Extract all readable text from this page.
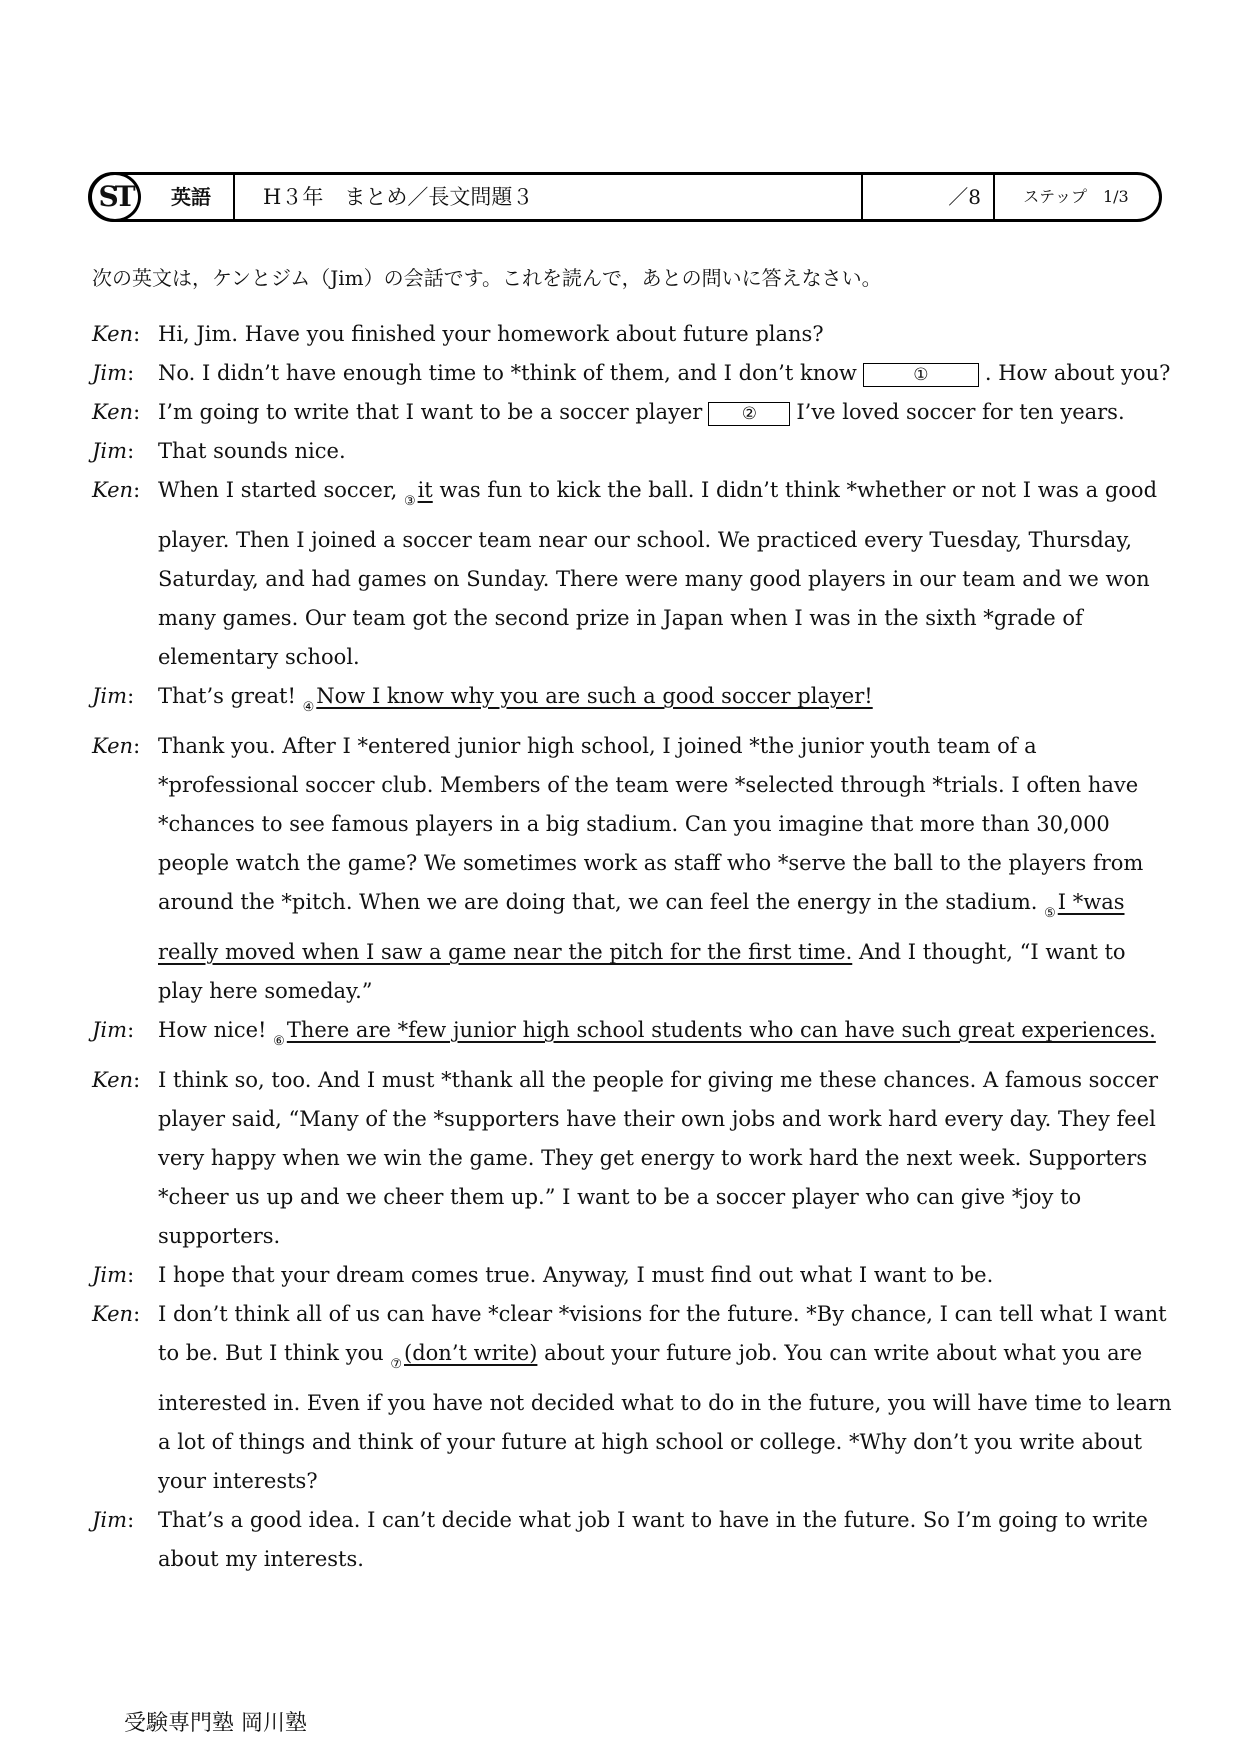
ST	英語 H３年　まとめ／長文問題３	／8	ステップ　1/3
次の英文は，ケンとジム（Jim）の会話です。これを読んで，あとの問いに答えなさい。
Ken :	Hi, Jim. Have you finished your homework about future plans?
Jim :	No. I didn’t have enough time to *think of them, and I don’t know	①	. How about you?
Ken :	I’m going to write that I want to be a soccer player ② I’ve loved soccer for ten years.
Jim :	That sounds nice.
Ken :	When I started soccer, $_③$it was fun to kick the ball. I didn’t think *whether or not I was a good player. Then I joined a soccer team near our school. We practiced every Tuesday, Thursday, Saturday, and had games on Sunday. There were many good players in our team and we won many games. Our team got the second prize in Japan when I was in the sixth *grade of elementary school.
Jim :	That’s great! $_④$Now I know why you are such a good soccer player!
Ken :	Thank you. After I *entered junior high school, I joined *the junior youth team of a *professional soccer club. Members of the team were *selected through *trials. I often have *chances to see famous players in a big stadium. Can you imagine that more than 30,000 people watch the game? We sometimes work as staff who *serve the ball to the players from around the *pitch. When we are doing that, we can feel the energy in the stadium. $_⑤$I *was really moved when I saw a game near the pitch for the first time. And I thought, “I want to play here someday.”
Jim :	How nice! $_⑥$There are *few junior high school students who can have such great experiences.
Ken :	I think so, too. And I must *thank all the people for giving me these chances. A famous soccer player said, “Many of the *supporters have their own jobs and work hard every day. They feel very happy when we win the game. They get energy to work hard the next week. Supporters *cheer us up and we cheer them up.” I want to be a soccer player who can give *joy to supporters.
Jim :	I hope that your dream comes true. Anyway, I must find out what I want to be.
Ken :	I don’t think all of us can have *clear *visions for the future. *By chance, I can tell what I want to be. But I think you $_⑦$(don’t write) about your future job. You can write about what you are interested in. Even if you have not decided what to do in the future, you will have time to learn a lot of things and think of your future at high school or college. *Why don’t you write about your interests?
Jim :	That’s a good idea. I can’t decide what job I want to have in the future. So I’m going to write about my interests.
受験専門塾 岡川塾
